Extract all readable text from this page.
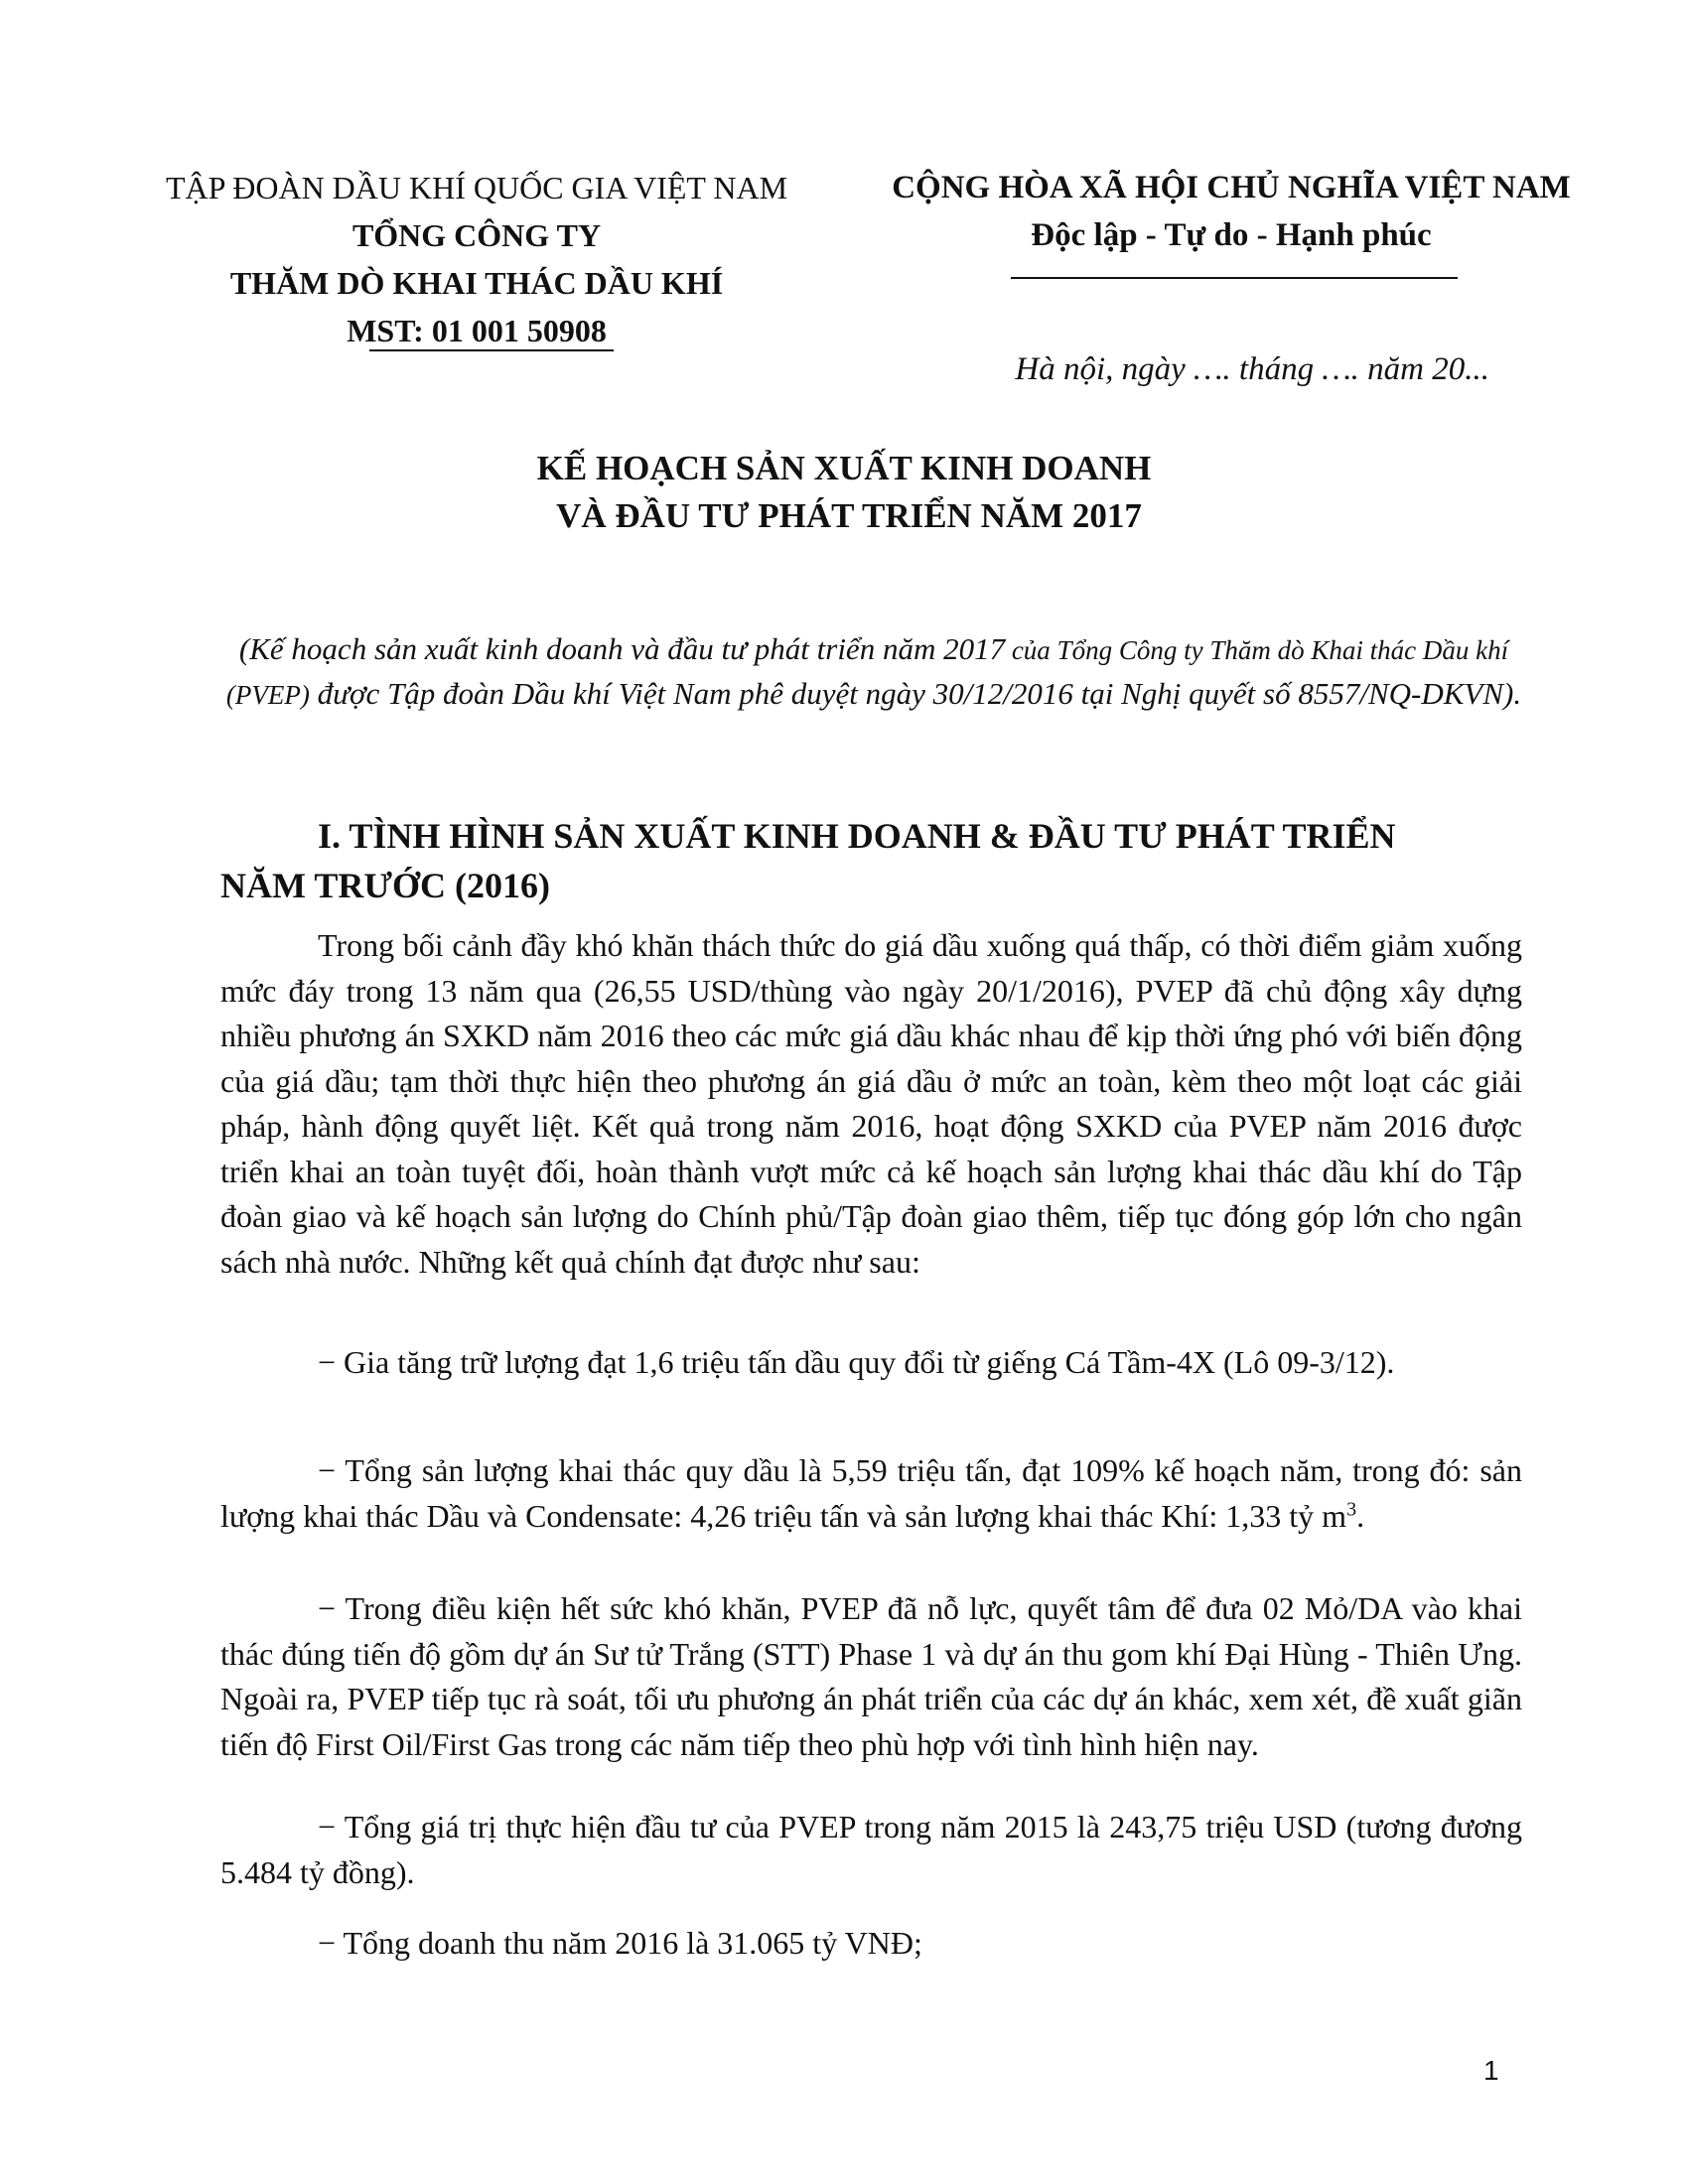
TẬP ĐOÀN DẦU KHÍ QUỐC GIA VIỆT NAM
TỔNG CÔNG TY
THĂM DÒ KHAI THÁC DẦU KHÍ
MST: 01 001 50908
CỘNG HÒA XÃ HỘI CHỦ NGHĨA VIỆT NAM
Độc lập - Tự do - Hạnh phúc
Hà nội, ngày …. tháng …. năm 20...
KẾ HOẠCH SẢN XUẤT KINH DOANH
VÀ ĐẦU TƯ PHÁT TRIỂN NĂM 2017
(Kế hoạch sản xuất kinh doanh và đầu tư phát triển năm 2017 của Tổng Công ty Thăm dò Khai thác Dầu khí (PVEP) được Tập đoàn Dầu khí Việt Nam phê duyệt ngày 30/12/2016 tại Nghị quyết số 8557/NQ-DKVN).
I. TÌNH HÌNH SẢN XUẤT KINH DOANH & ĐẦU TƯ PHÁT TRIỂN
NĂM TRƯỚC (2016)
Trong bối cảnh đầy khó khăn thách thức do giá dầu xuống quá thấp, có thời điểm giảm xuống mức đáy trong 13 năm qua (26,55 USD/thùng vào ngày 20/1/2016), PVEP đã chủ động xây dựng nhiều phương án SXKD năm 2016 theo các mức giá dầu khác nhau để kịp thời ứng phó với biến động của giá dầu; tạm thời thực hiện theo phương án giá dầu ở mức an toàn, kèm theo một loạt các giải pháp, hành động quyết liệt. Kết quả trong năm 2016, hoạt động SXKD của PVEP năm 2016 được triển khai an toàn tuyệt đối, hoàn thành vượt mức cả kế hoạch sản lượng khai thác dầu khí do Tập đoàn giao và kế hoạch sản lượng do Chính phủ/Tập đoàn giao thêm, tiếp tục đóng góp lớn cho ngân sách nhà nước. Những kết quả chính đạt được như sau:
− Gia tăng trữ lượng đạt 1,6 triệu tấn dầu quy đổi từ giếng Cá Tầm-4X (Lô 09-3/12).
− Tổng sản lượng khai thác quy dầu là 5,59 triệu tấn, đạt 109% kế hoạch năm, trong đó: sản lượng khai thác Dầu và Condensate: 4,26 triệu tấn và sản lượng khai thác Khí: 1,33 tỷ $m^3$.
− Trong điều kiện hết sức khó khăn, PVEP đã nỗ lực, quyết tâm để đưa 02 Mỏ/DA vào khai thác đúng tiến độ gồm dự án Sư tử Trắng (STT) Phase 1 và dự án thu gom khí Đại Hùng - Thiên Ưng. Ngoài ra, PVEP tiếp tục rà soát, tối ưu phương án phát triển của các dự án khác, xem xét, đề xuất giãn tiến độ First Oil/First Gas trong các năm tiếp theo phù hợp với tình hình hiện nay.
− Tổng giá trị thực hiện đầu tư của PVEP trong năm 2015 là 243,75 triệu USD (tương đương 5.484 tỷ đồng).
− Tổng doanh thu năm 2016 là 31.065 tỷ VNĐ;
1
